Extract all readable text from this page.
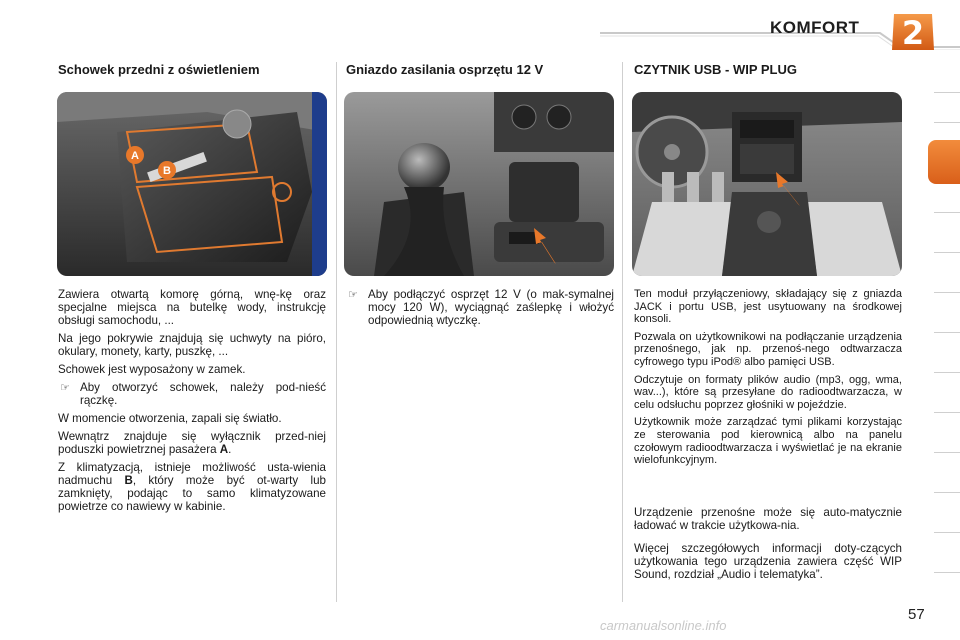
KOMFORT	2
Schowek przedni z oświetleniem
A
B

Zawiera otwartą komorę górną, wnę-kę oraz specjalne miejsca na butelkę wody, instrukcję obsługi samochodu, ...

Na jego pokrywie znajdują się uchwyty na pióro, okulary, monety, karty, puszkę, ...

Schowek jest wyposażony w zamek.

☞ Aby otworzyć schowek, należy pod-nieść rączkę.

W momencie otworzenia, zapali się światło.

Wewnątrz znajduje się wyłącznik przed-niej poduszki powietrznej pasażera A.

Z klimatyzacją, istnieje możliwość usta-wienia nadmuchu B, który może być ot-warty lub zamknięty, podając to samo klimatyzowane powietrze co nawiewy w kabinie.

Gniazdo zasilania osprzętu 12 V

☞ Aby podłączyć osprzęt 12 V (o mak-symalnej mocy 120 W), wyciągnąć zaślepkę i włożyć odpowiednią wtyczkę.

CZYTNIK USB - WIP PLUG

Ten moduł przyłączeniowy, składający się z gniazda JACK i portu USB, jest usytuowany na środkowej konsoli.

Pozwala on użytkownikowi na podłączanie urządzenia przenośnego, jak np. przenoś-nego odtwarzacza cyfrowego typu iPod® albo pamięci USB.

Odczytuje on formaty plików audio (mp3, ogg, wma, wav...), które są przesyłane do radioodtwarzacza, w celu odsłuchu poprzez głośniki w pojeździe.

Użytkownik może zarządzać tymi plikami korzystając ze sterowania pod kierownicą albo na panelu czołowym radioodtwarzacza i wyświetlać je na ekranie wielofunkcyjnym.

Urządzenie przenośne może się auto-matycznie ładować w trakcie użytkowa-nia.

Więcej szczegółowych informacji doty-czących użytkowania tego urządzenia zawiera część WIP Sound, rozdział „Audio i telematyka”.

57
carmanualsonline.info
